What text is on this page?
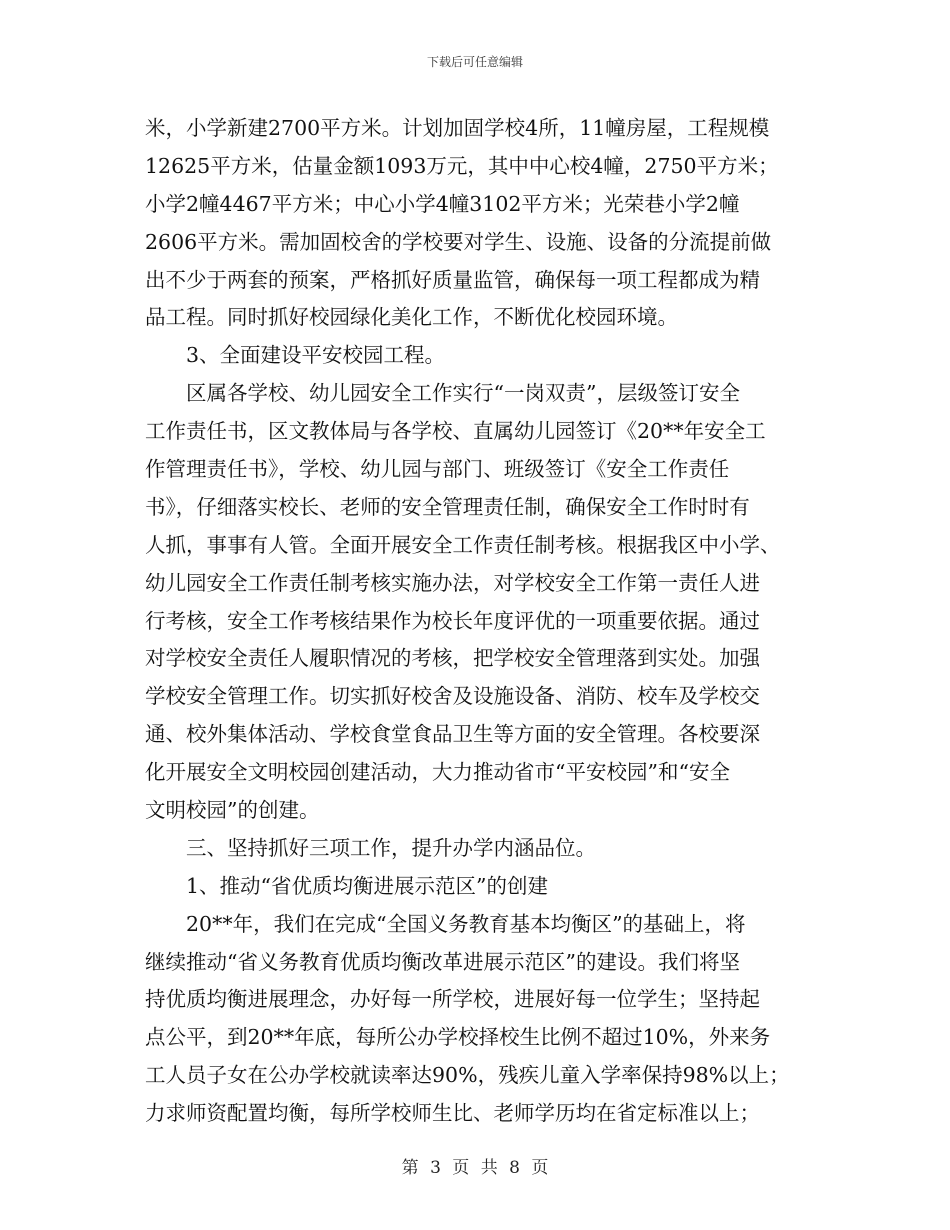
下载后可任意编辑
米，小学新建2700平方米。计划加固学校4所，11幢房屋，工程规模
12625平方米，估量金额1093万元，其中中心校4幢，2750平方米；
小学2幢4467平方米；中心小学4幢3102平方米；光荣巷小学2幢
2606平方米。需加固校舍的学校要对学生、设施、设备的分流提前做
出不少于两套的预案，严格抓好质量监管，确保每一项工程都成为精
品工程。同时抓好校园绿化美化工作，不断优化校园环境。
3、全面建设平安校园工程。
区属各学校、幼儿园安全工作实行“一岗双责”，层级签订安全
工作责任书，区文教体局与各学校、直属幼儿园签订《20**年安全工
作管理责任书》，学校、幼儿园与部门、班级签订《安全工作责任
书》，仔细落实校长、老师的安全管理责任制，确保安全工作时时有
人抓，事事有人管。全面开展安全工作责任制考核。根据我区中小学、
幼儿园安全工作责任制考核实施办法，对学校安全工作第一责任人进
行考核，安全工作考核结果作为校长年度评优的一项重要依据。通过
对学校安全责任人履职情况的考核，把学校安全管理落到实处。加强
学校安全管理工作。切实抓好校舍及设施设备、消防、校车及学校交
通、校外集体活动、学校食堂食品卫生等方面的安全管理。各校要深
化开展安全文明校园创建活动，大力推动省市“平安校园”和“安全
文明校园”的创建。
三、坚持抓好三项工作，提升办学内涵品位。
1、推动“省优质均衡进展示范区”的创建
20**年，我们在完成“全国义务教育基本均衡区”的基础上，将
继续推动“省义务教育优质均衡改革进展示范区”的建设。我们将坚
持优质均衡进展理念，办好每一所学校，进展好每一位学生；坚持起
点公平，到20**年底，每所公办学校择校生比例不超过10%，外来务
工人员子女在公办学校就读率达90%，残疾儿童入学率保持98%以上；
力求师资配置均衡，每所学校师生比、老师学历均在省定标准以上；
第 3 页 共 8 页
